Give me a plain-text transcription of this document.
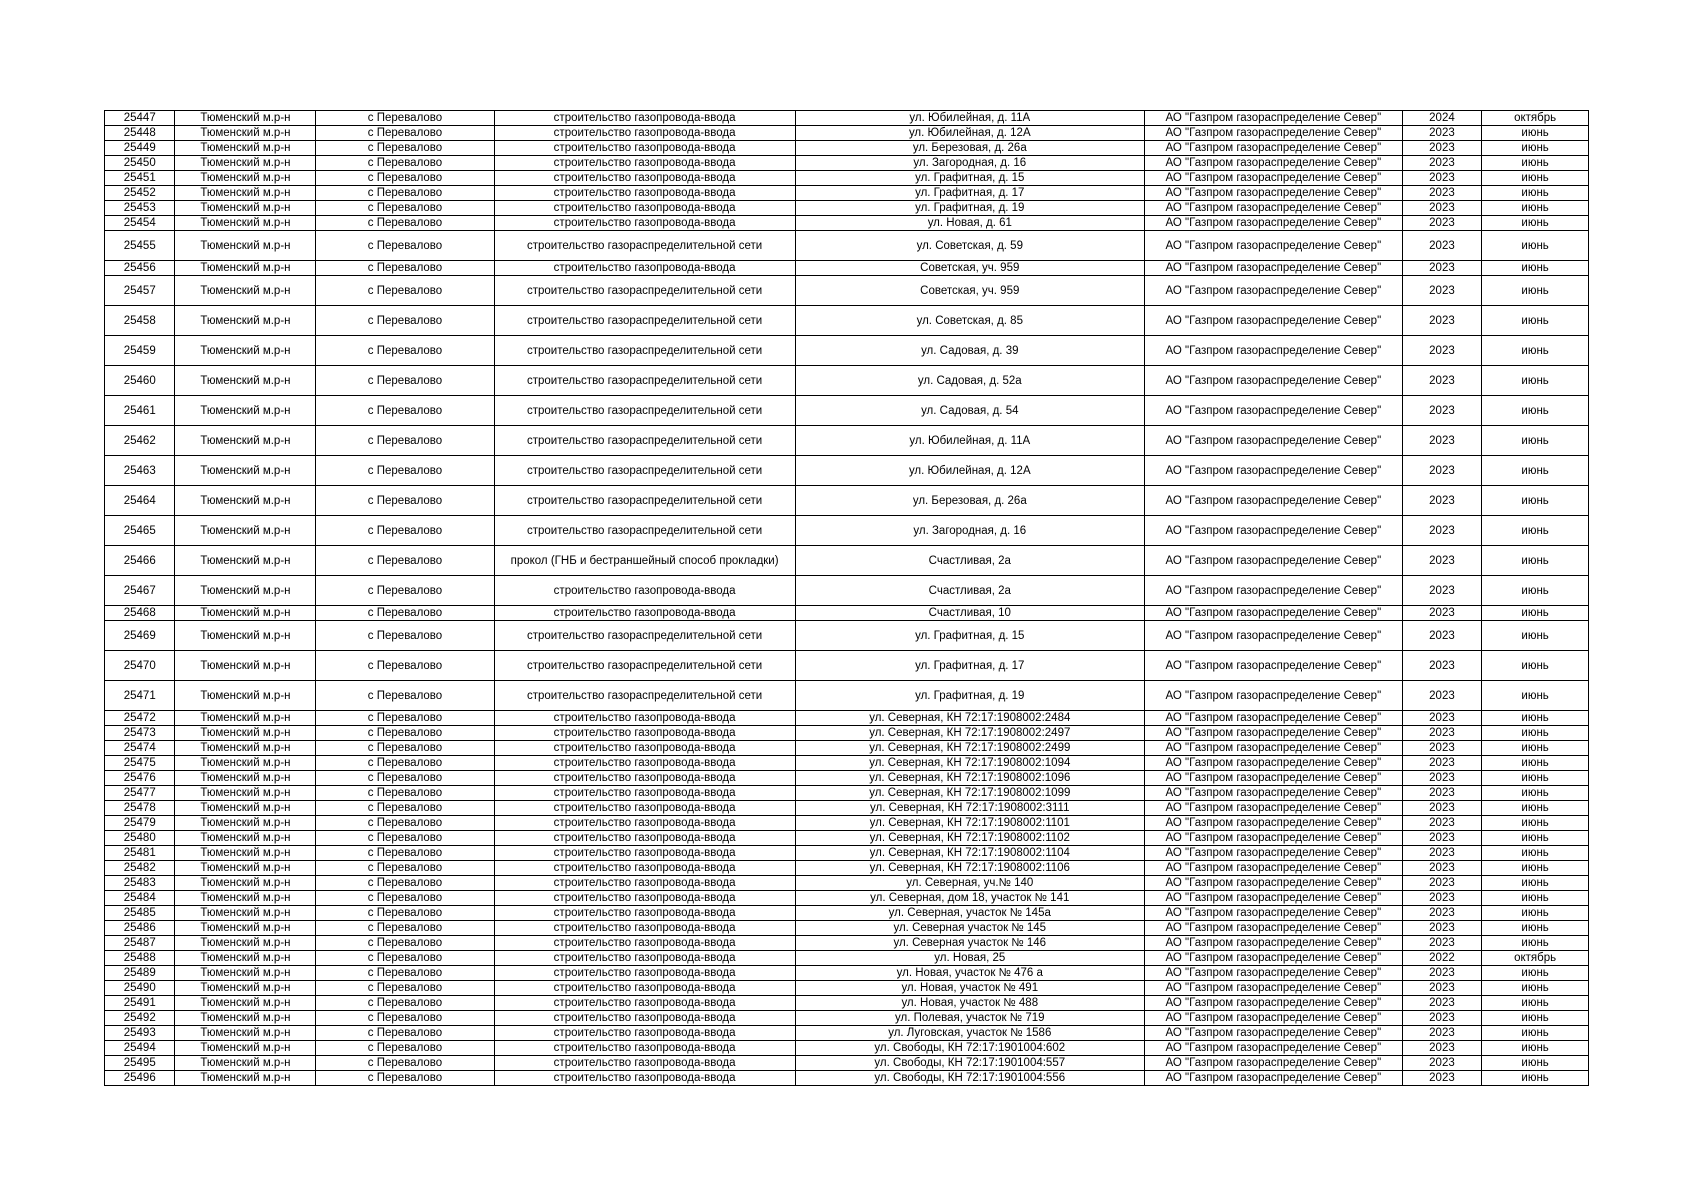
25447	Тюменский м.р-н	с Перевалово	строительство газопровода-ввода	ул. Юбилейная, д. 11А	АО "Газпром газораспределение Север"	2024	октябрь
25448	Тюменский м.р-н	с Перевалово	строительство газопровода-ввода	ул. Юбилейная, д. 12А	АО "Газпром газораспределение Север"	2023	июнь
25449	Тюменский м.р-н	с Перевалово	строительство газопровода-ввода	ул. Березовая, д. 26а	АО "Газпром газораспределение Север"	2023	июнь
25450	Тюменский м.р-н	с Перевалово	строительство газопровода-ввода	ул. Загородная, д. 16	АО "Газпром газораспределение Север"	2023	июнь
25451	Тюменский м.р-н	с Перевалово	строительство газопровода-ввода	ул. Графитная, д. 15	АО "Газпром газораспределение Север"	2023	июнь
25452	Тюменский м.р-н	с Перевалово	строительство газопровода-ввода	ул. Графитная, д. 17	АО "Газпром газораспределение Север"	2023	июнь
25453	Тюменский м.р-н	с Перевалово	строительство газопровода-ввода	ул. Графитная, д. 19	АО "Газпром газораспределение Север"	2023	июнь
25454	Тюменский м.р-н	с Перевалово	строительство газопровода-ввода	ул. Новая, д. 61	АО "Газпром газораспределение Север"	2023	июнь
25455	Тюменский м.р-н	с Перевалово	строительство газораспределительной сети	ул. Советская, д. 59	АО "Газпром газораспределение Север"	2023	июнь
25456	Тюменский м.р-н	с Перевалово	строительство газопровода-ввода	Советская, уч. 959	АО "Газпром газораспределение Север"	2023	июнь
25457	Тюменский м.р-н	с Перевалово	строительство газораспределительной сети	Советская, уч. 959	АО "Газпром газораспределение Север"	2023	июнь
25458	Тюменский м.р-н	с Перевалово	строительство газораспределительной сети	ул. Советская, д. 85	АО "Газпром газораспределение Север"	2023	июнь
25459	Тюменский м.р-н	с Перевалово	строительство газораспределительной сети	ул. Садовая, д. 39	АО "Газпром газораспределение Север"	2023	июнь
25460	Тюменский м.р-н	с Перевалово	строительство газораспределительной сети	ул. Садовая, д. 52а	АО "Газпром газораспределение Север"	2023	июнь
25461	Тюменский м.р-н	с Перевалово	строительство газораспределительной сети	ул. Садовая, д. 54	АО "Газпром газораспределение Север"	2023	июнь
25462	Тюменский м.р-н	с Перевалово	строительство газораспределительной сети	ул. Юбилейная, д. 11А	АО "Газпром газораспределение Север"	2023	июнь
25463	Тюменский м.р-н	с Перевалово	строительство газораспределительной сети	ул. Юбилейная, д. 12А	АО "Газпром газораспределение Север"	2023	июнь
25464	Тюменский м.р-н	с Перевалово	строительство газораспределительной сети	ул. Березовая, д. 26а	АО "Газпром газораспределение Север"	2023	июнь
25465	Тюменский м.р-н	с Перевалово	строительство газораспределительной сети	ул. Загородная, д. 16	АО "Газпром газораспределение Север"	2023	июнь
25466	Тюменский м.р-н	с Перевалово	прокол (ГНБ и бестраншейный способ прокладки)	Счастливая, 2а	АО "Газпром газораспределение Север"	2023	июнь
25467	Тюменский м.р-н	с Перевалово	строительство газопровода-ввода	Счастливая, 2а	АО "Газпром газораспределение Север"	2023	июнь
25468	Тюменский м.р-н	с Перевалово	строительство газопровода-ввода	Счастливая, 10	АО "Газпром газораспределение Север"	2023	июнь
25469	Тюменский м.р-н	с Перевалово	строительство газораспределительной сети	ул. Графитная, д. 15	АО "Газпром газораспределение Север"	2023	июнь
25470	Тюменский м.р-н	с Перевалово	строительство газораспределительной сети	ул. Графитная, д. 17	АО "Газпром газораспределение Север"	2023	июнь
25471	Тюменский м.р-н	с Перевалово	строительство газораспределительной сети	ул. Графитная, д. 19	АО "Газпром газораспределение Север"	2023	июнь
25472	Тюменский м.р-н	с Перевалово	строительство газопровода-ввода	ул. Северная, КН 72:17:1908002:2484	АО "Газпром газораспределение Север"	2023	июнь
25473	Тюменский м.р-н	с Перевалово	строительство газопровода-ввода	ул. Северная, КН 72:17:1908002:2497	АО "Газпром газораспределение Север"	2023	июнь
25474	Тюменский м.р-н	с Перевалово	строительство газопровода-ввода	ул. Северная, КН 72:17:1908002:2499	АО "Газпром газораспределение Север"	2023	июнь
25475	Тюменский м.р-н	с Перевалово	строительство газопровода-ввода	ул. Северная, КН 72:17:1908002:1094	АО "Газпром газораспределение Север"	2023	июнь
25476	Тюменский м.р-н	с Перевалово	строительство газопровода-ввода	ул. Северная, КН 72:17:1908002:1096	АО "Газпром газораспределение Север"	2023	июнь
25477	Тюменский м.р-н	с Перевалово	строительство газопровода-ввода	ул. Северная, КН 72:17:1908002:1099	АО "Газпром газораспределение Север"	2023	июнь
25478	Тюменский м.р-н	с Перевалово	строительство газопровода-ввода	ул. Северная, КН 72:17:1908002:3111	АО "Газпром газораспределение Север"	2023	июнь
25479	Тюменский м.р-н	с Перевалово	строительство газопровода-ввода	ул. Северная, КН 72:17:1908002:1101	АО "Газпром газораспределение Север"	2023	июнь
25480	Тюменский м.р-н	с Перевалово	строительство газопровода-ввода	ул. Северная, КН 72:17:1908002:1102	АО "Газпром газораспределение Север"	2023	июнь
25481	Тюменский м.р-н	с Перевалово	строительство газопровода-ввода	ул. Северная, КН 72:17:1908002:1104	АО "Газпром газораспределение Север"	2023	июнь
25482	Тюменский м.р-н	с Перевалово	строительство газопровода-ввода	ул. Северная, КН 72:17:1908002:1106	АО "Газпром газораспределение Север"	2023	июнь
25483	Тюменский м.р-н	с Перевалово	строительство газопровода-ввода	ул. Северная, уч.№ 140	АО "Газпром газораспределение Север"	2023	июнь
25484	Тюменский м.р-н	с Перевалово	строительство газопровода-ввода	ул. Северная, дом 18, участок № 141	АО "Газпром газораспределение Север"	2023	июнь
25485	Тюменский м.р-н	с Перевалово	строительство газопровода-ввода	ул. Северная, участок № 145а	АО "Газпром газораспределение Север"	2023	июнь
25486	Тюменский м.р-н	с Перевалово	строительство газопровода-ввода	ул. Северная участок № 145	АО "Газпром газораспределение Север"	2023	июнь
25487	Тюменский м.р-н	с Перевалово	строительство газопровода-ввода	ул. Северная участок № 146	АО "Газпром газораспределение Север"	2023	июнь
25488	Тюменский м.р-н	с Перевалово	строительство газопровода-ввода	ул. Новая, 25	АО "Газпром газораспределение Север"	2022	октябрь
25489	Тюменский м.р-н	с Перевалово	строительство газопровода-ввода	ул. Новая, участок № 476 а	АО "Газпром газораспределение Север"	2023	июнь
25490	Тюменский м.р-н	с Перевалово	строительство газопровода-ввода	ул. Новая, участок № 491	АО "Газпром газораспределение Север"	2023	июнь
25491	Тюменский м.р-н	с Перевалово	строительство газопровода-ввода	ул. Новая, участок № 488	АО "Газпром газораспределение Север"	2023	июнь
25492	Тюменский м.р-н	с Перевалово	строительство газопровода-ввода	ул. Полевая, участок № 719	АО "Газпром газораспределение Север"	2023	июнь
25493	Тюменский м.р-н	с Перевалово	строительство газопровода-ввода	ул. Луговская, участок № 1586	АО "Газпром газораспределение Север"	2023	июнь
25494	Тюменский м.р-н	с Перевалово	строительство газопровода-ввода	ул. Свободы, КН 72:17:1901004:602	АО "Газпром газораспределение Север"	2023	июнь
25495	Тюменский м.р-н	с Перевалово	строительство газопровода-ввода	ул. Свободы, КН 72:17:1901004:557	АО "Газпром газораспределение Север"	2023	июнь
25496	Тюменский м.р-н	с Перевалово	строительство газопровода-ввода	ул. Свободы, КН 72:17:1901004:556	АО "Газпром газораспределение Север"	2023	июнь
